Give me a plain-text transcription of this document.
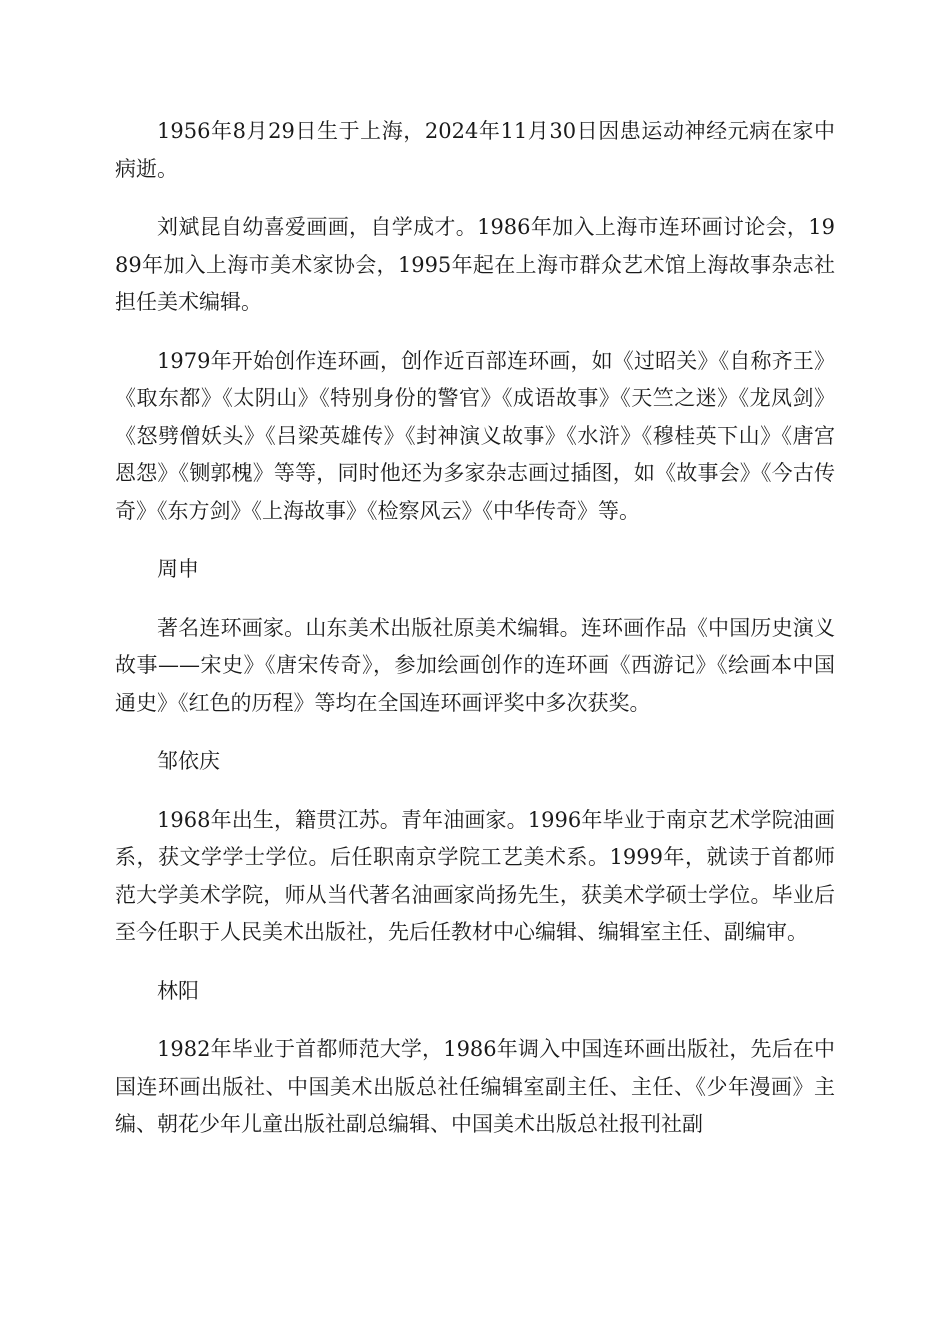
1956年8月29日生于上海，2024年11月30日因患运动神经元病在家中病逝。

刘斌昆自幼喜爱画画，自学成才。1986年加入上海市连环画讨论会，1989年加入上海市美术家协会，1995年起在上海市群众艺术馆上海故事杂志社担任美术编辑。

1979年开始创作连环画，创作近百部连环画，如《过昭关》《自称齐王》《取东都》《太阴山》《特别身份的警官》《成语故事》《天竺之迷》《龙凤剑》《怒劈僧妖头》《吕梁英雄传》《封神演义故事》《水浒》《穆桂英下山》《唐宫恩怨》《铡郭槐》等等，同时他还为多家杂志画过插图，如《故事会》《今古传奇》《东方剑》《上海故事》《检察风云》《中华传奇》等。

周申

著名连环画家。山东美术出版社原美术编辑。连环画作品《中国历史演义故事——宋史》《唐宋传奇》，参加绘画创作的连环画《西游记》《绘画本中国通史》《红色的历程》等均在全国连环画评奖中多次获奖。

邹依庆

1968年出生，籍贯江苏。青年油画家。1996年毕业于南京艺术学院油画系，获文学学士学位。后任职南京学院工艺美术系。1999年，就读于首都师范大学美术学院，师从当代著名油画家尚扬先生，获美术学硕士学位。毕业后至今任职于人民美术出版社，先后任教材中心编辑、编辑室主任、副编审。

林阳

1982年毕业于首都师范大学，1986年调入中国连环画出版社，先后在中国连环画出版社、中国美术出版总社任编辑室副主任、主任、《少年漫画》主编、朝花少年儿童出版社副总编辑、中国美术出版总社报刊社副
